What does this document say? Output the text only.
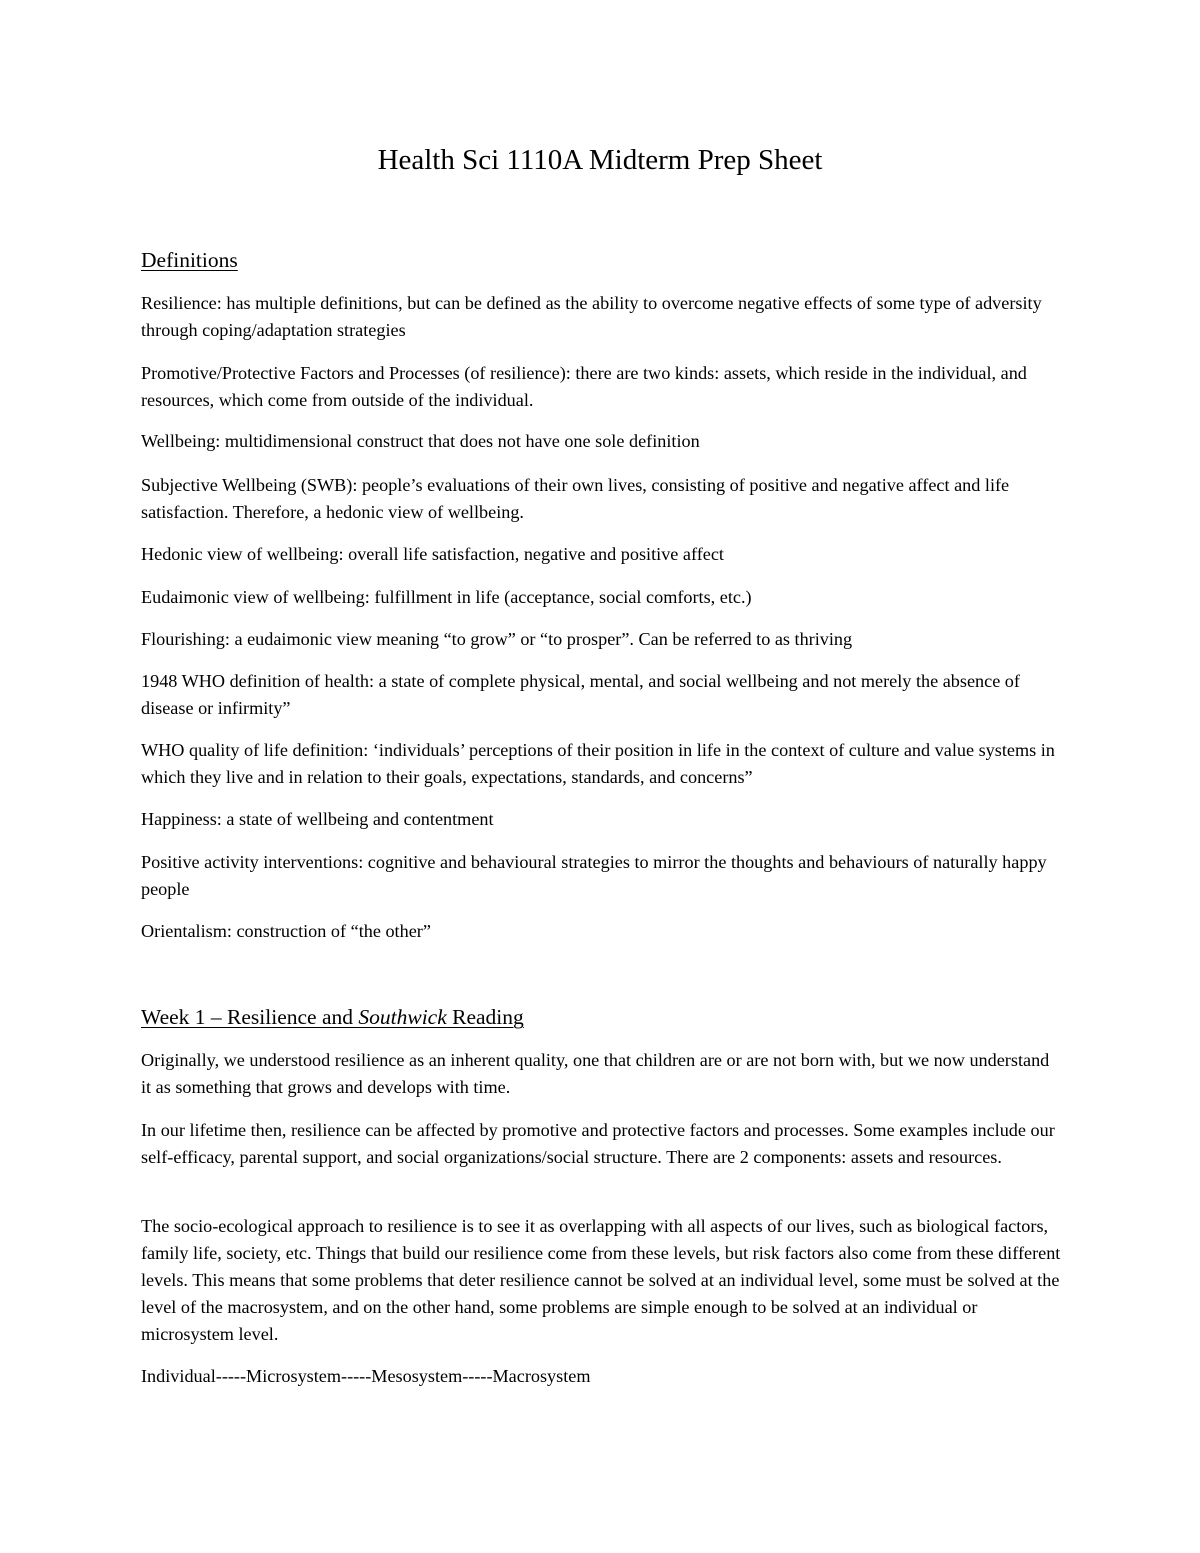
Health Sci 1110A Midterm Prep Sheet
Definitions

Resilience: has multiple definitions, but can be defined as the ability to overcome negative effects of some type of adversity through coping/adaptation strategies

Promotive/Protective Factors and Processes (of resilience): there are two kinds: assets, which reside in the individual, and resources, which come from outside of the individual.

Wellbeing: multidimensional construct that does not have one sole definition

Subjective Wellbeing (SWB): people’s evaluations of their own lives, consisting of positive and negative affect and life satisfaction. Therefore, a hedonic view of wellbeing.

Hedonic view of wellbeing: overall life satisfaction, negative and positive affect

Eudaimonic view of wellbeing: fulfillment in life (acceptance, social comforts, etc.)

Flourishing: a eudaimonic view meaning “to grow” or “to prosper”. Can be referred to as thriving

1948 WHO definition of health: a state of complete physical, mental, and social wellbeing and not merely the absence of disease or infirmity”

WHO quality of life definition: ‘individuals’ perceptions of their position in life in the context of culture and value systems in which they live and in relation to their goals, expectations, standards, and concerns”

Happiness: a state of wellbeing and contentment

Positive activity interventions: cognitive and behavioural strategies to mirror the thoughts and behaviours of naturally happy people

Orientalism: construction of “the other”

Week 1 – Resilience and Southwick Reading

Originally, we understood resilience as an inherent quality, one that children are or are not born with, but we now understand it as something that grows and develops with time.

In our lifetime then, resilience can be affected by promotive and protective factors and processes. Some examples include our self-efficacy, parental support, and social organizations/social structure. There are 2 components: assets and resources.

The socio-ecological approach to resilience is to see it as overlapping with all aspects of our lives, such as biological factors, family life, society, etc. Things that build our resilience come from these levels, but risk factors also come from these different levels. This means that some problems that deter resilience cannot be solved at an individual level, some must be solved at the level of the macrosystem, and on the other hand, some problems are simple enough to be solved at an individual or microsystem level.

Individual-----Microsystem-----Mesosystem-----Macrosystem
